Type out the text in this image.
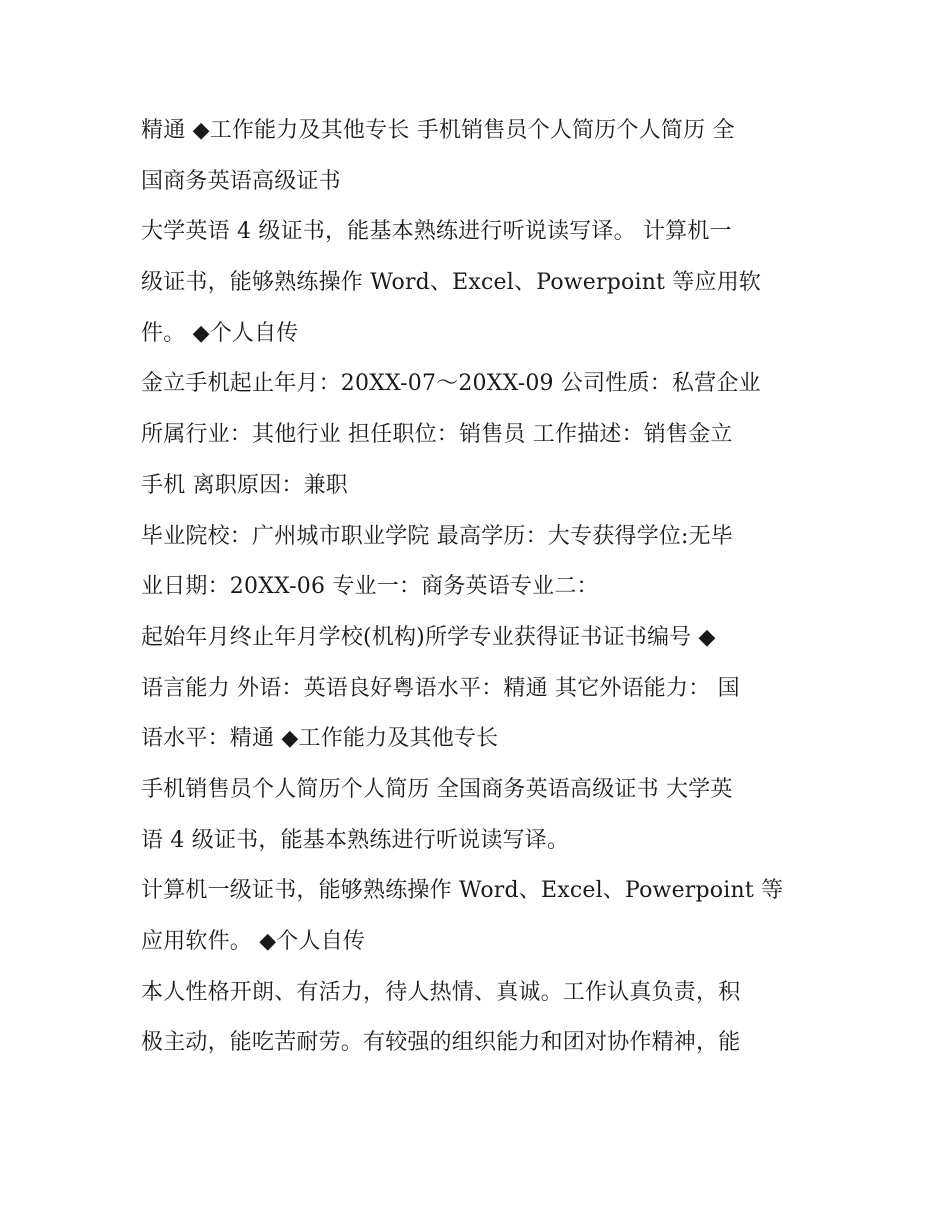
精通 ◆工作能力及其他专长 手机销售员个人简历个人简历 全
国商务英语高级证书
大学英语 4 级证书，能基本熟练进行听说读写译。 计算机一
级证书，能够熟练操作 Word、Excel、Powerpoint 等应用软
件。 ◆个人自传
金立手机起止年月：20XX-07～20XX-09 公司性质：私营企业
所属行业：其他行业 担任职位：销售员 工作描述：销售金立
手机 离职原因：兼职
毕业院校：广州城市职业学院 最高学历：大专获得学位:无毕
业日期：20XX-06 专业一：商务英语专业二：
起始年月终止年月学校(机构)所学专业获得证书证书编号 ◆
语言能力 外语：英语良好粤语水平：精通 其它外语能力： 国
语水平：精通 ◆工作能力及其他专长
手机销售员个人简历个人简历 全国商务英语高级证书 大学英
语 4 级证书，能基本熟练进行听说读写译。
计算机一级证书，能够熟练操作 Word、Excel、Powerpoint 等
应用软件。 ◆个人自传
本人性格开朗、有活力，待人热情、真诚。工作认真负责，积
极主动，能吃苦耐劳。有较强的组织能力和团对协作精神，能
